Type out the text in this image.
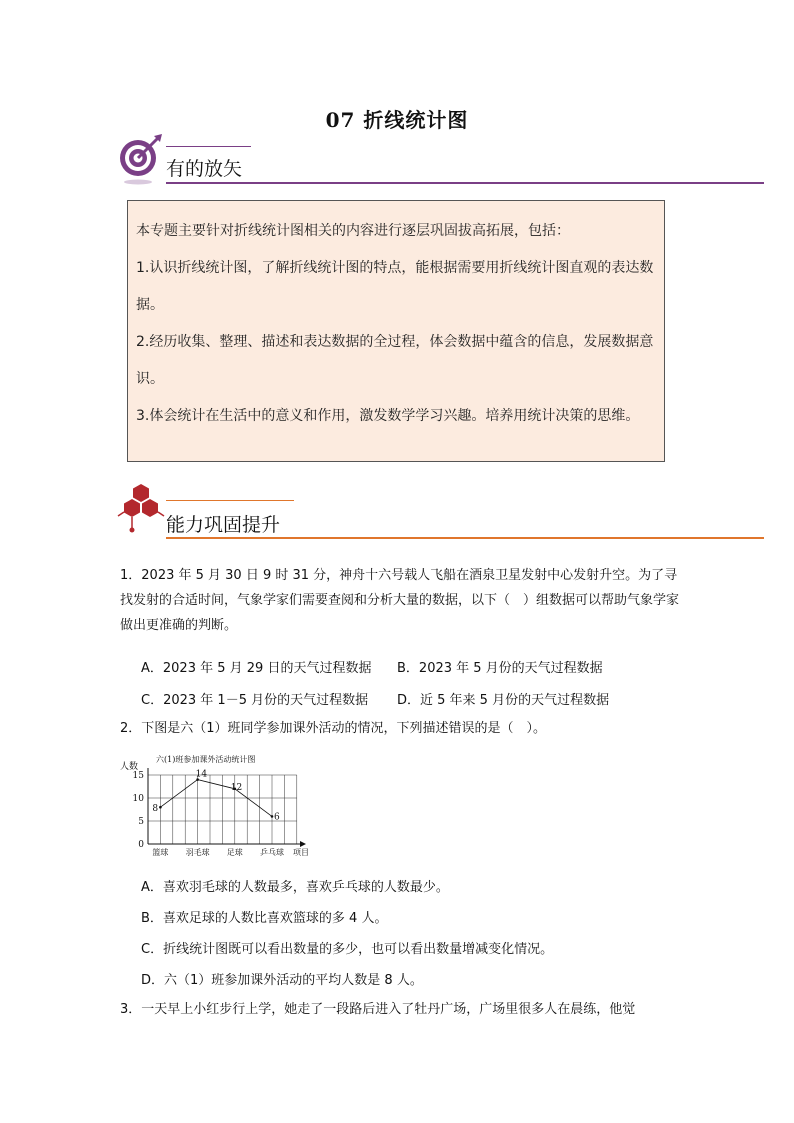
07 折线统计图
有的放矢

本专题主要针对折线统计图相关的内容进行逐层巩固拔高拓展，包括：

1.认识折线统计图，了解折线统计图的特点，能根据需要用折线统计图直观的表达数据。

2.经历收集、整理、描述和表达数据的全过程，体会数据中蕴含的信息，发展数据意识。

3.体会统计在生活中的意义和作用，激发数学学习兴趣。培养用统计决策的思维。

能力巩固提升
1．2023 年 5 月 30 日 9 时 31 分，神舟十六号载人飞船在酒泉卫星发射中心发射升空。为了寻找发射的合适时间，气象学家们需要查阅和分析大量的数据，以下（　）组数据可以帮助气象学家做出更准确的判断。
A．2023 年 5 月 29 日的天气过程数据 B．2023 年 5 月份的天气过程数据
C．2023 年 1－5 月份的天气过程数据 D．近 5 年来 5 月份的天气过程数据
2．下图是六（1）班同学参加课外活动的情况，下列描述错误的是（　）。
六(1)班参加课外活动统计图
人数
0
5
10
15
篮球 羽毛球 足球 乒乓球 项目
8
14
12
6
A．喜欢羽毛球的人数最多，喜欢乒乓球的人数最少。
B．喜欢足球的人数比喜欢篮球的多 4 人。
C．折线统计图既可以看出数量的多少，也可以看出数量增减变化情况。
D．六（1）班参加课外活动的平均人数是 8 人。
3．一天早上小红步行上学，她走了一段路后进入了牡丹广场，广场里很多人在晨练，他觉
